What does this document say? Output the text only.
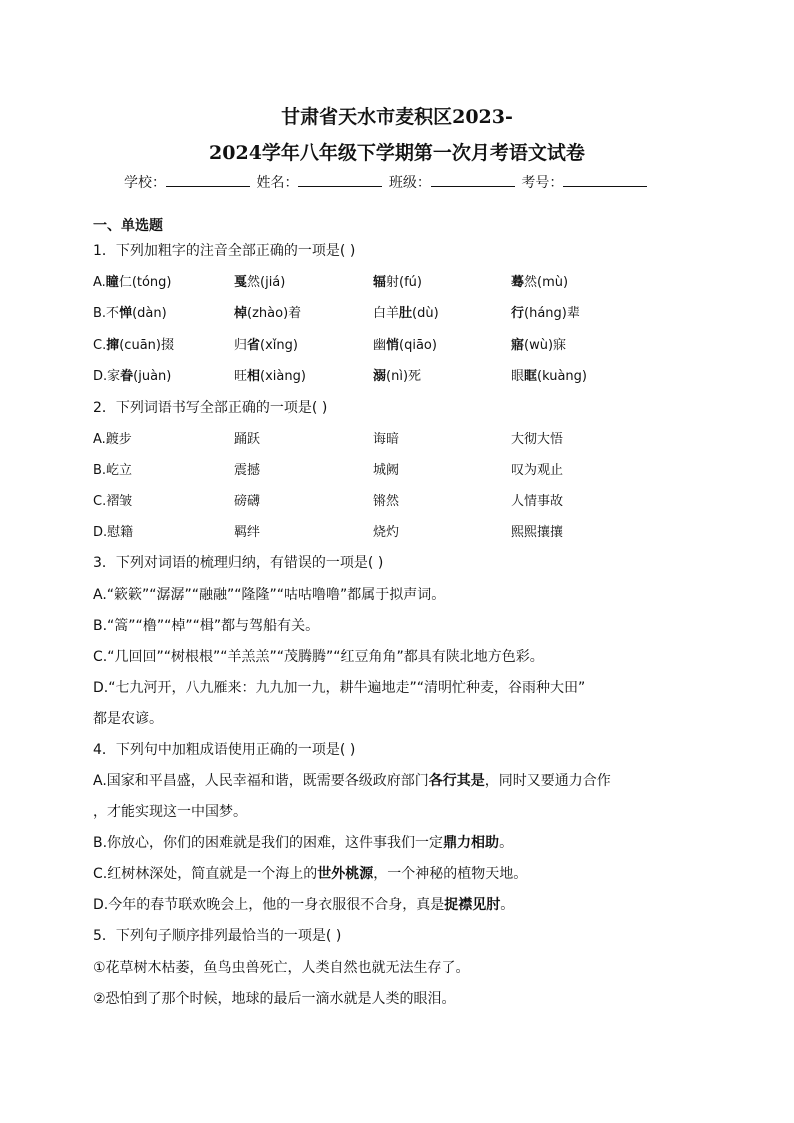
甘肃省天水市麦积区2023-
2024学年八年级下学期第一次月考语文试卷
学校：	姓名：	班级：	考号：
一、单选题
1．下列加粗字的注音全部正确的一项是( )
A.瞳仁(tóng)	戛然(jiá)	辐射(fú)	蓦然(mù)
B.不惮(dàn)	棹(zhào)着	白羊肚(dù)	行(háng)辈
C.撺(cuān)掇	归省(xǐng)	幽悄(qiāo)	寤(wù)寐
D.家眷(juàn)	旺相(xiàng)	溺(nì)死	眼眶(kuàng)
2．下列词语书写全部正确的一项是( )
A.踱步	踊跃	诲暗	大彻大悟
B.屹立	震撼	城阙	叹为观止
C.褶皱	磅礴	锵然	人情事故
D.慰籍	羁绊	烧灼	熙熙攘攘
3．下列对词语的梳理归纳，有错误的一项是( )
A.“簌簌”“潺潺”“融融”“隆隆”“咕咕噜噜”都属于拟声词。
B.“篙”“橹”“棹”“楫”都与驾船有关。
C.“几回回”“树根根”“羊羔羔”“茂腾腾”“红豆角角”都具有陕北地方色彩。
D.“七九河开，八九雁来：九九加一九，耕牛遍地走”“清明忙种麦，谷雨种大田”
都是农谚。
4．下列句中加粗成语使用正确的一项是( )
A.国家和平昌盛，人民幸福和谐，既需要各级政府部门各行其是，同时又要通力合作
，才能实现这一中国梦。
B.你放心，你们的困难就是我们的困难，这件事我们一定鼎力相助。
C.红树林深处，简直就是一个海上的世外桃源，一个神秘的植物天地。
D.今年的春节联欢晚会上，他的一身衣服很不合身，真是捉襟见肘。
5．下列句子顺序排列最恰当的一项是( )
①花草树木枯萎，鱼鸟虫兽死亡，人类自然也就无法生存了。
②恐怕到了那个时候，地球的最后一滴水就是人类的眼泪。
